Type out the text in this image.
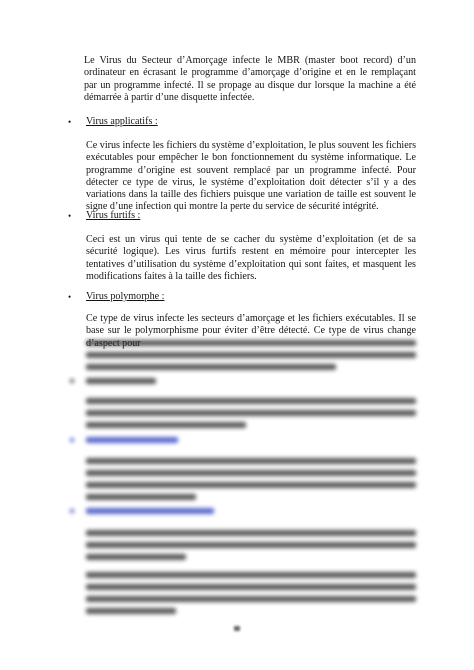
Le Virus du Secteur d’Amorçage infecte le MBR (master boot record) d’un ordinateur en écrasant le programme d’amorçage d’origine et en le remplaçant par un programme infecté. Il se propage au disque dur lorsque la machine a été démarrée à partir d’une disquette infectée.

• Virus applicatifs :

Ce virus infecte les fichiers du système d’exploitation, le plus souvent les fichiers exécutables pour empêcher le bon fonctionnement du système informatique. Le programme d’origine est souvent remplacé par un programme infecté. Pour détecter ce type de virus, le système d’exploitation doit détecter s’il y a des variations dans la taille des fichiers puisque une variation de taille est souvent le signe d’une infection qui montre la perte du service de sécurité intégrité.

• Virus furtifs :

Ceci est un virus qui tente de se cacher du système d’exploitation (et de sa sécurité logique). Les virus furtifs restent en mémoire pour intercepter les tentatives d’utilisation du système d’exploitation qui sont faites, et masquent les modifications faites à la taille des fichiers.

• Virus polymorphe :

Ce type de virus infecte les secteurs d’amorçage et les fichiers exécutables. Il se base sur le polymorphisme pour éviter d’être détecté. Ce type de virus change
